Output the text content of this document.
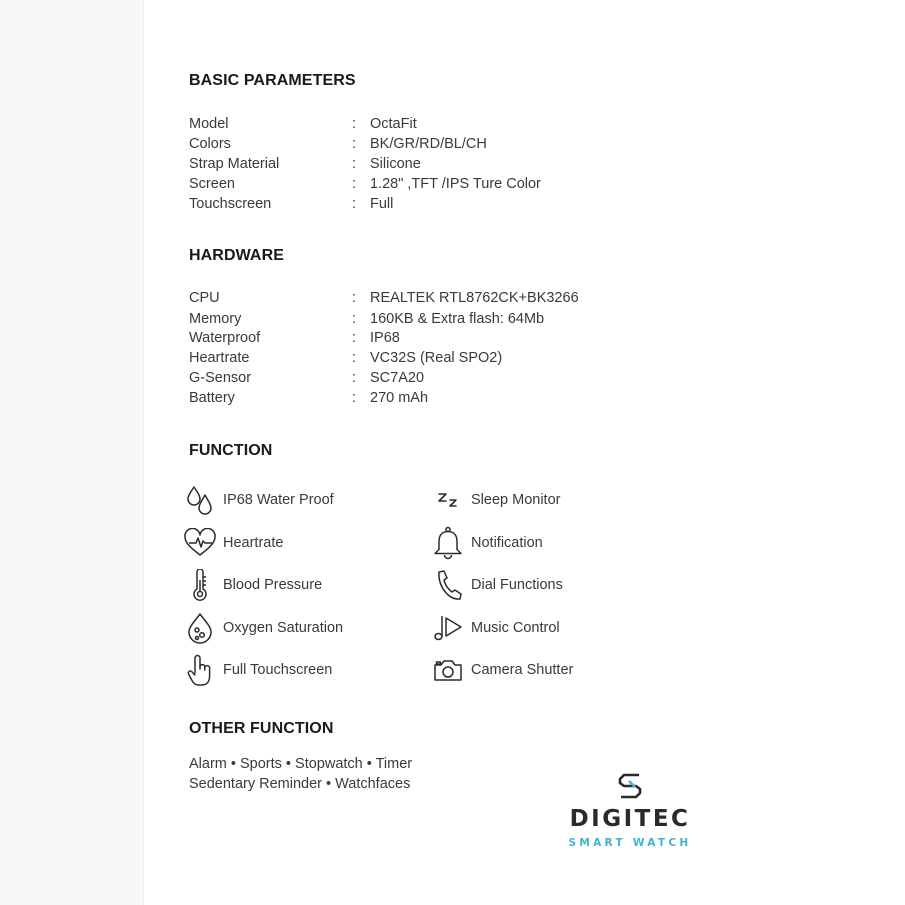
BASIC PARAMETERS
Model	: OctaFit
Colors	: BK/GR/RD/BL/CH
Strap Material	: Silicone
Screen	: 1.28" ,TFT /IPS Ture Color
Touchscreen	: Full
HARDWARE
CPU	: REALTEK RTL8762CK+BK3266
Memory	: 160KB & Extra flash: 64Mb
Waterproof	: IP68
Heartrate	: VC32S (Real SPO2)
G-Sensor	: SC7A20
Battery	: 270 mAh
FUNCTION
IP68 Water Proof
Heartrate
Blood Pressure
Oxygen Saturation
Full Touchscreen
Sleep Monitor
Notification
Dial Functions
Music Control
Camera Shutter
OTHER FUNCTION
Alarm • Sports • Stopwatch • Timer
Sedentary Reminder • Watchfaces
DIGITEC
SMART WATCH
